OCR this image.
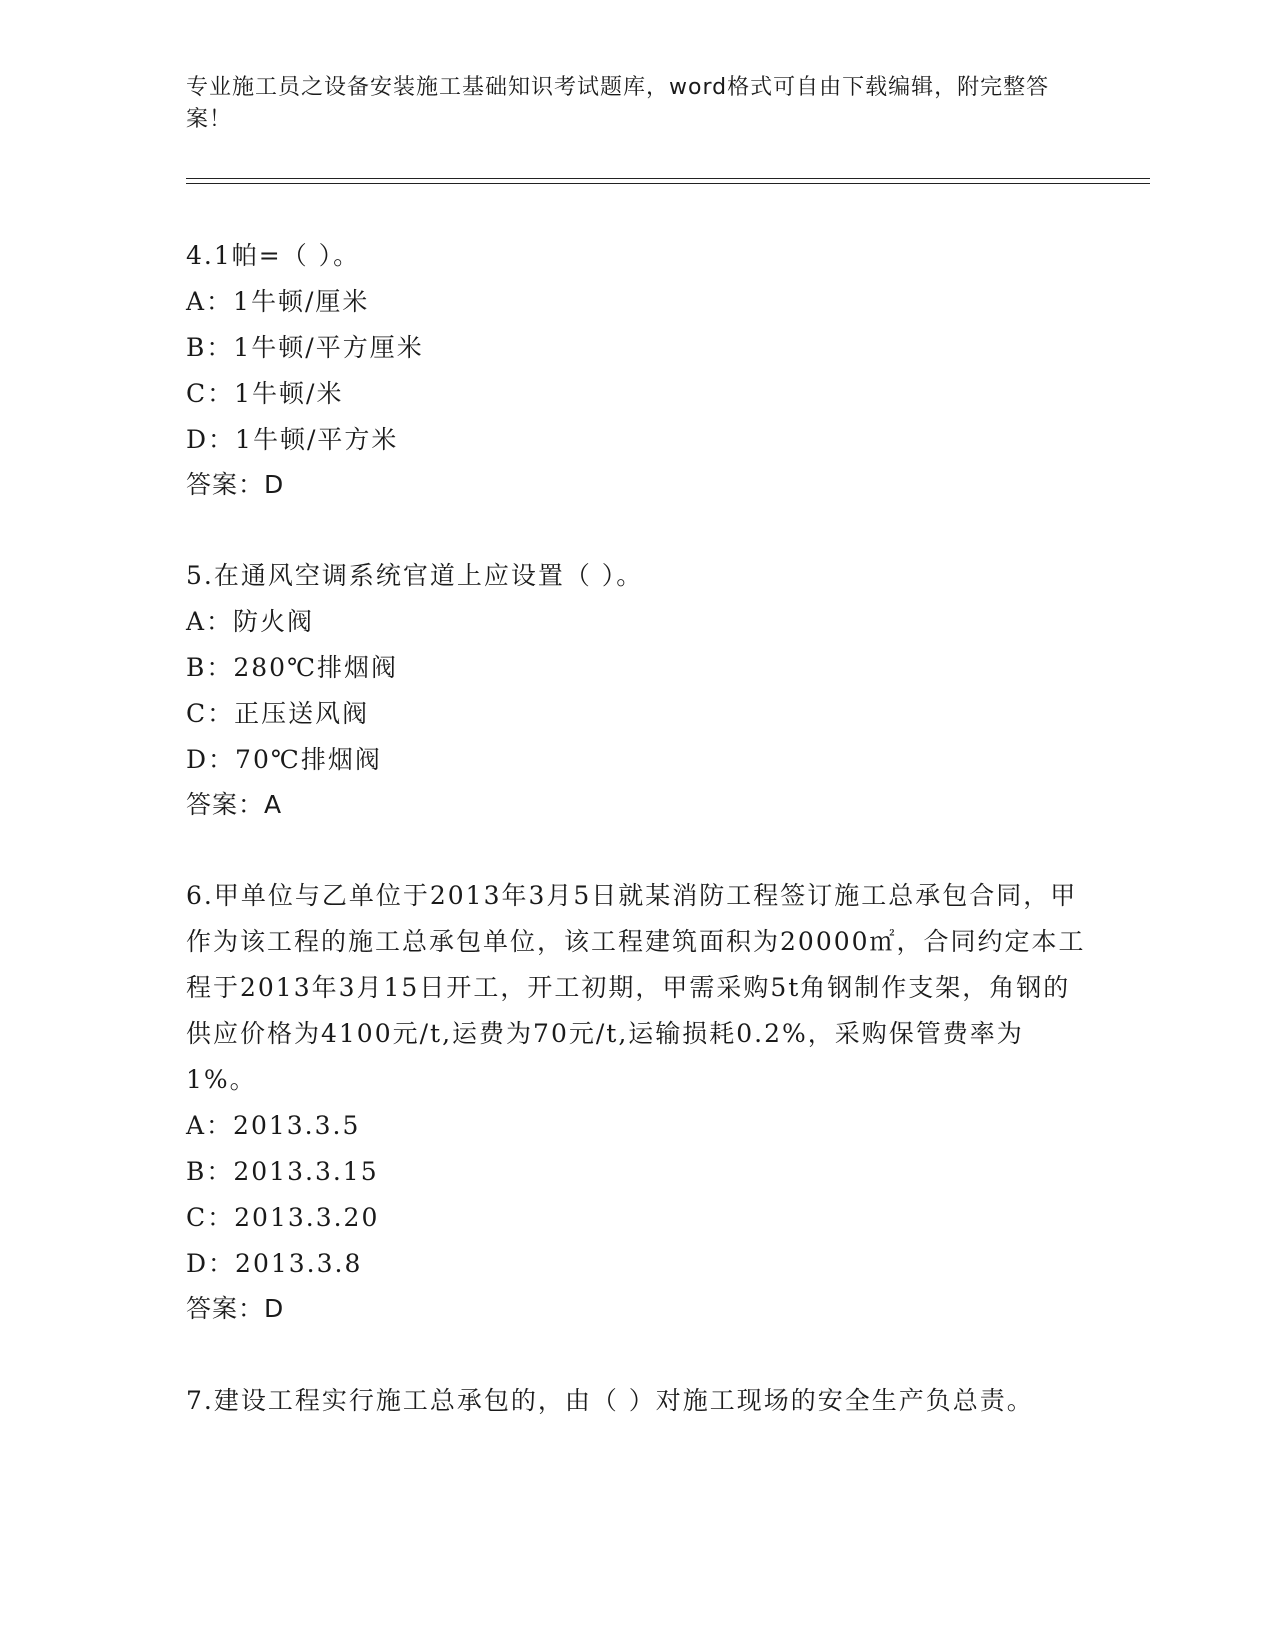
专业施工员之设备安装施工基础知识考试题库，word格式可自由下载编辑，附完整答案！

4.1帕=（ ）。

A：1牛顿/厘米

B：1牛顿/平方厘米

C：1牛顿/米

D：1牛顿/平方米

答案：D

5.在通风空调系统官道上应设置（ ）。

A：防火阀

B：280℃排烟阀

C：正压送风阀

D：70℃排烟阀

答案：A

6.甲单位与乙单位于2013年3月5日就某消防工程签订施工总承包合同，甲作为该工程的施工总承包单位，该工程建筑面积为20000㎡，合同约定本工程于2013年3月15日开工，开工初期，甲需采购5t角钢制作支架，角钢的供应价格为4100元/t,运费为70元/t,运输损耗0.2%，采购保管费率为1%。

A：2013.3.5

B：2013.3.15

C：2013.3.20

D：2013.3.8

答案：D

7.建设工程实行施工总承包的，由（ ）对施工现场的安全生产负总责。
